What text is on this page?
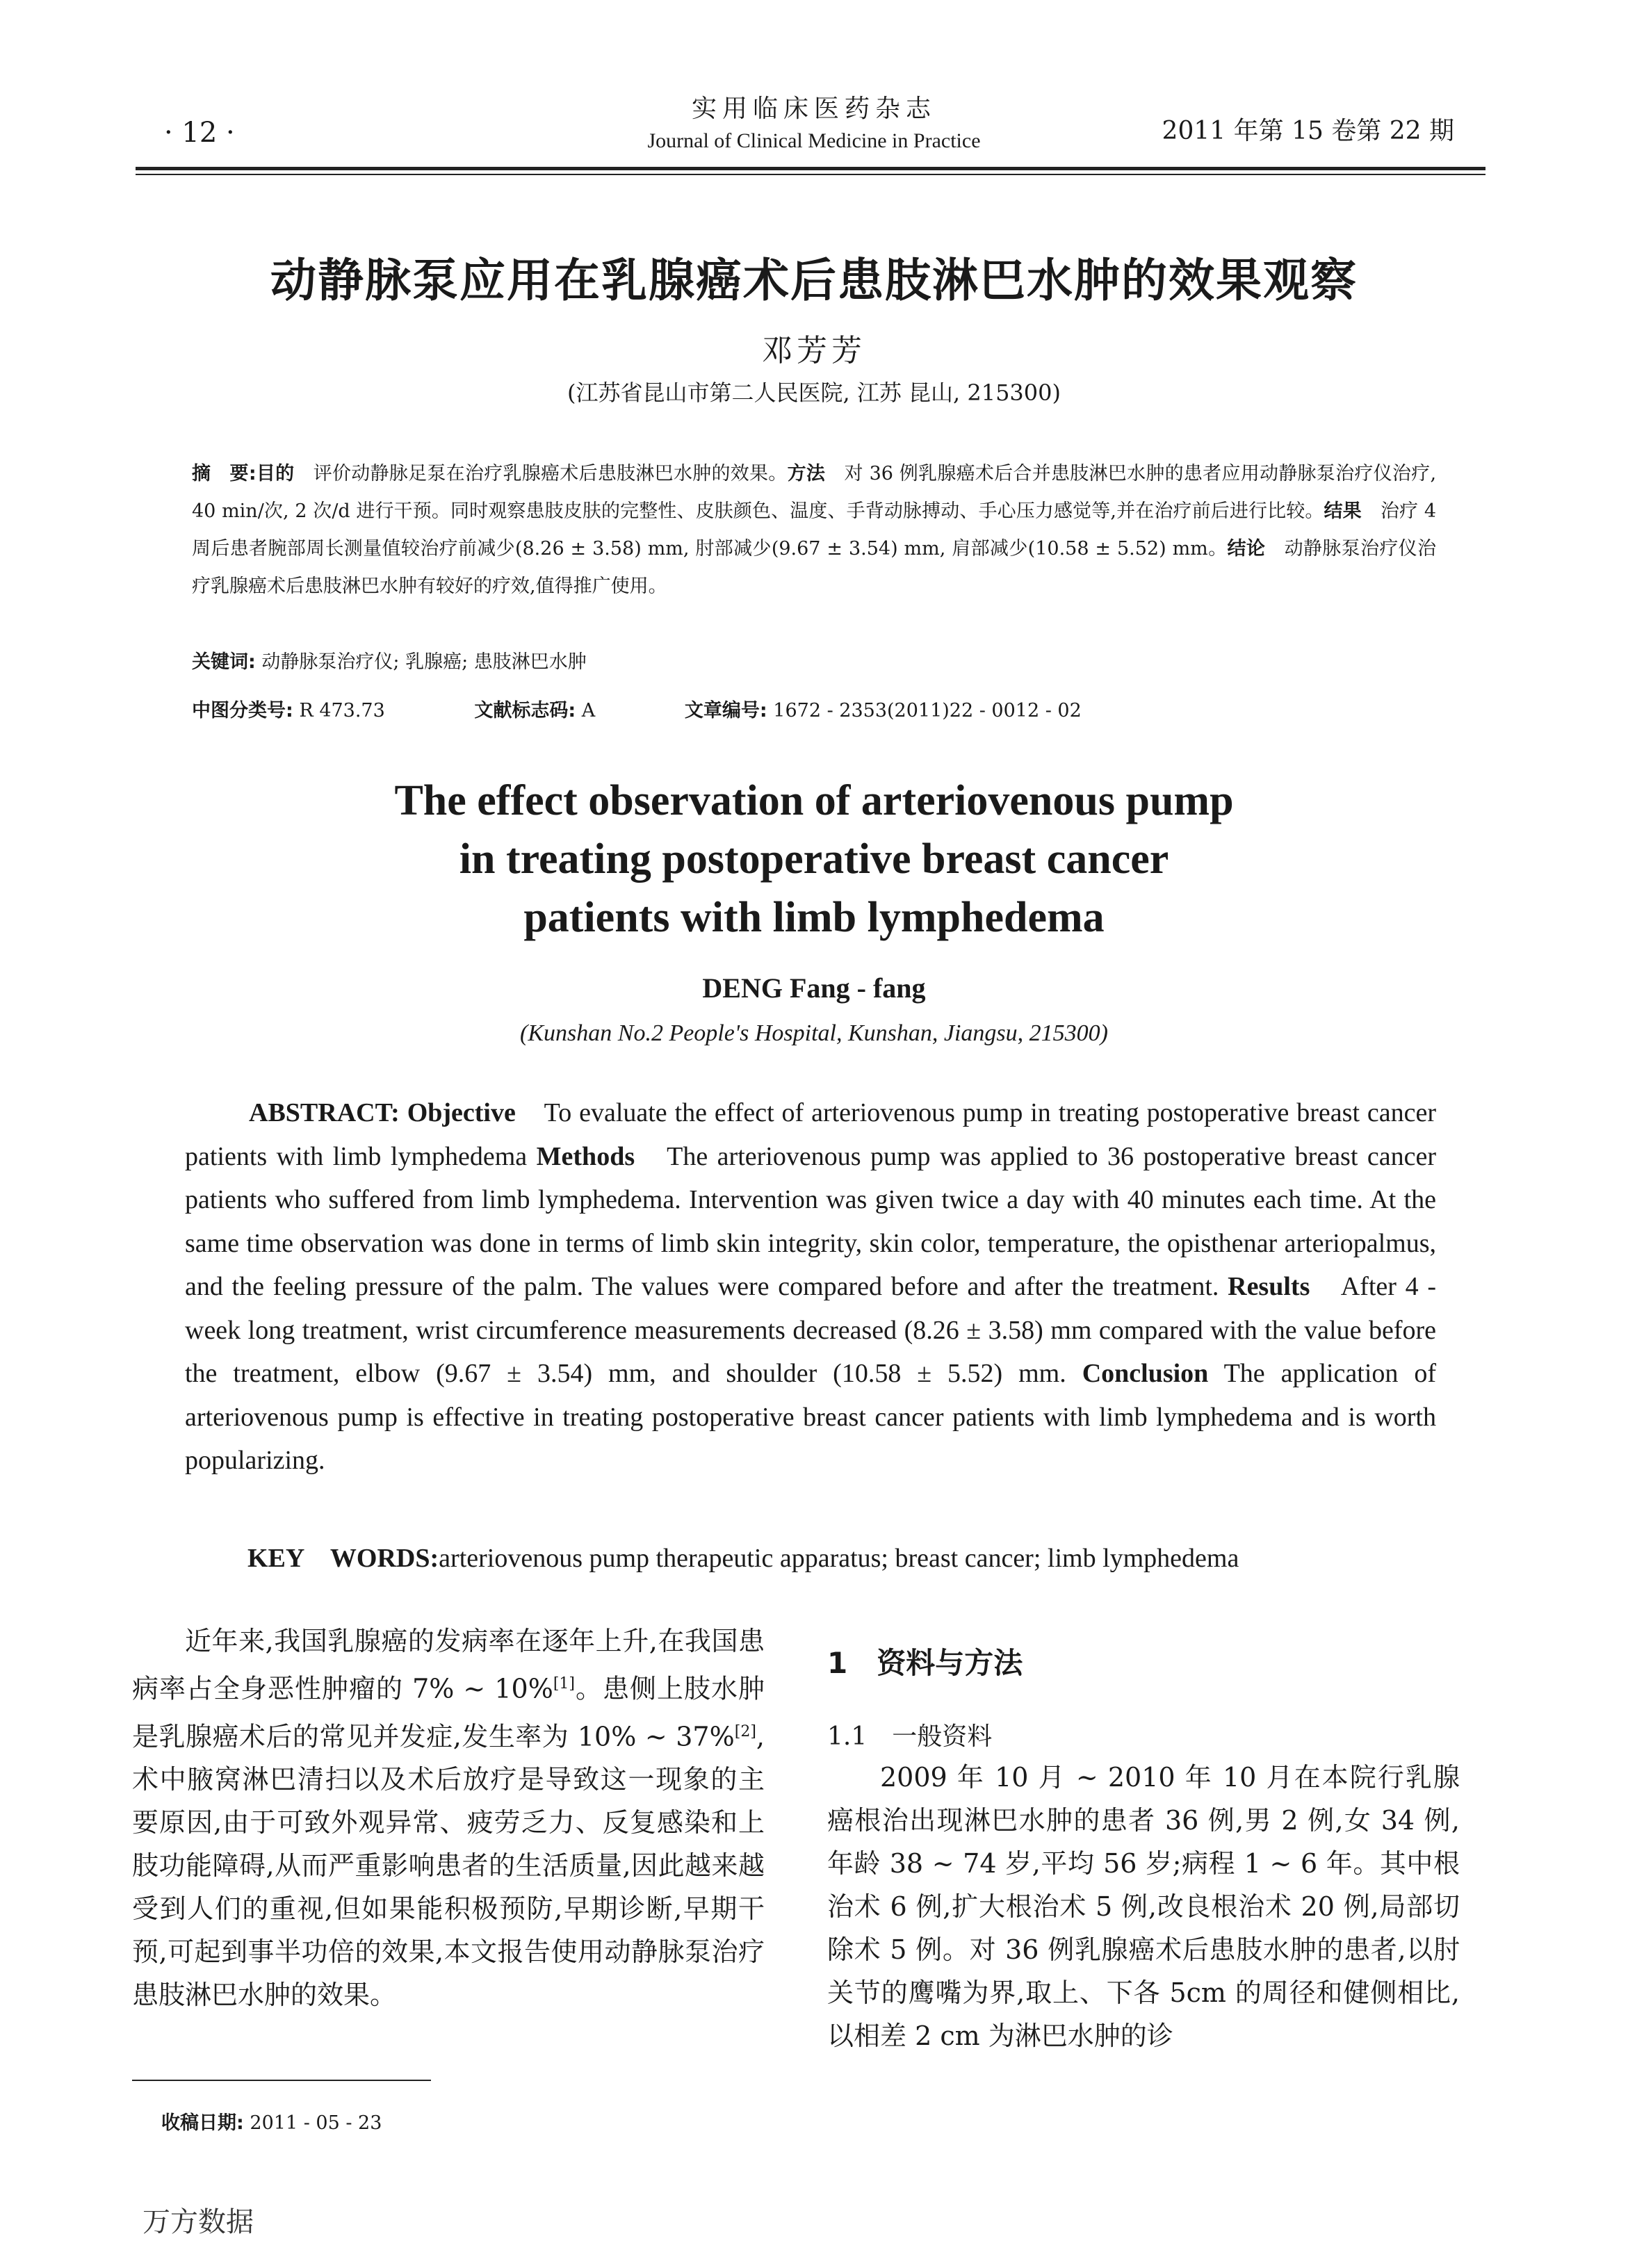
· 12 ·
实用临床医药杂志
Journal of Clinical Medicine in Practice	2011 年第 15 卷第 22 期
动静脉泵应用在乳腺癌术后患肢淋巴水肿的效果观察
邓芳芳
(江苏省昆山市第二人民医院, 江苏 昆山, 215300)
摘　要:目的　 评价动静脉足泵在治疗乳腺癌术后患肢淋巴水肿的效果。方法　 对 36 例乳腺癌术后合并患肢淋巴水肿的患者应用动静脉泵治疗仪治疗, 40 min/次, 2 次/d 进行干预。同时观察患肢皮肤的完整性、皮肤颜色、温度、手背动脉搏动、手心压力感觉等,并在治疗前后进行比较。结果　 治疗 4 周后患者腕部周长测量值较治疗前减少(8.26 ± 3.58) mm, 肘部减少(9.67 ± 3.54) mm, 肩部减少(10.58 ± 5.52) mm。结论　 动静脉泵治疗仪治疗乳腺癌术后患肢淋巴水肿有较好的疗效,值得推广使用。
关键词: 动静脉泵治疗仪; 乳腺癌; 患肢淋巴水肿
中图分类号: R 473.73	文献标志码: A	文章编号: 1672 - 2353(2011)22 - 0012 - 02
The effect observation of arteriovenous pump
in treating postoperative breast cancer
patients with limb lymphedema
DENG Fang - fang
(Kunshan No.2 People's Hospital, Kunshan, Jiangsu, 215300)
ABSTRACT: Objective　 To evaluate the effect of arteriovenous pump in treating postoperative breast cancer patients with limb lymphedema Methods　 The arteriovenous pump was applied to 36 postoperative breast cancer patients who suffered from limb lymphedema. Intervention was given twice a day with 40 minutes each time. At the same time observation was done in terms of limb skin integrity, skin color, temperature, the opisthenar arteriopalmus, and the feeling pressure of the palm. The values were compared before and after the treatment. Results　 After 4 - week long treatment, wrist circumference measurements decreased (8.26 ± 3.58) mm compared with the value before the treatment, elbow (9.67 ± 3.54) mm, and shoulder (10.58 ± 5.52) mm. Conclusion The application of arteriovenous pump is effective in treating postoperative breast cancer patients with limb lymphedema and is worth popularizing.
KEY　WORDS:arteriovenous pump therapeutic apparatus; breast cancer; limb lymphedema
近年来,我国乳腺癌的发病率在逐年上升,在我国患病率占全身恶性肿瘤的 7% ~ 10%[1]。患侧上肢水肿是乳腺癌术后的常见并发症,发生率为 10% ~ 37%[2],术中腋窝淋巴清扫以及术后放疗是导致这一现象的主要原因,由于可致外观异常、疲劳乏力、反复感染和上肢功能障碍,从而严重影响患者的生活质量,因此越来越受到人们的重视,但如果能积极预防,早期诊断,早期干预,可起到事半功倍的效果,本文报告使用动静脉泵治疗患肢淋巴水肿的效果。
1　资料与方法
1.1　一般资料
2009 年 10 月 ~ 2010 年 10 月在本院行乳腺癌根治出现淋巴水肿的患者 36 例,男 2 例,女 34 例,年龄 38 ~ 74 岁,平均 56 岁;病程 1 ~ 6 年。其中根治术 6 例,扩大根治术 5 例,改良根治术 20 例,局部切除术 5 例。对 36 例乳腺癌术后患肢水肿的患者,以肘关节的鹰嘴为界,取上、下各 5cm 的周径和健侧相比,以相差 2 cm 为淋巴水肿的诊
收稿日期: 2011 - 05 - 23
万方数据
